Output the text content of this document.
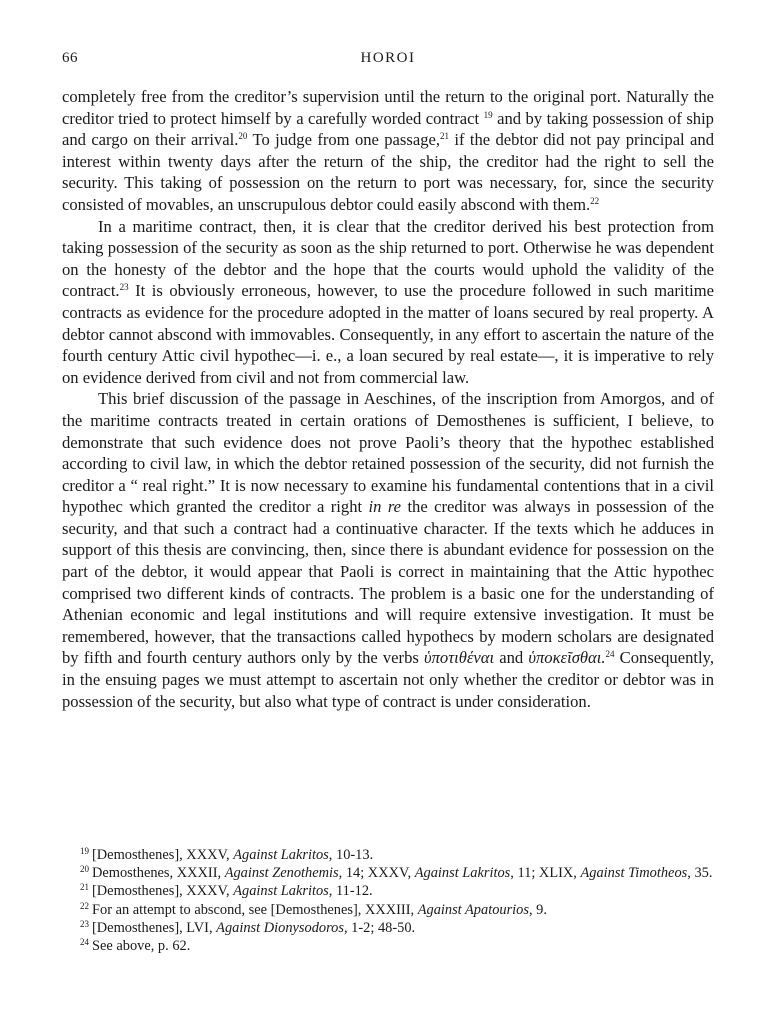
66	HOROI

completely free from the creditor’s supervision until the return to the original port. Naturally the creditor tried to protect himself by a carefully worded contract $^{19}$ and by taking possession of ship and cargo on their arrival.$^{20}$ To judge from one passage,$^{21}$ if the debtor did not pay principal and interest within twenty days after the return of the ship, the creditor had the right to sell the security. This taking of possession on the return to port was necessary, for, since the security consisted of movables, an unscrupulous debtor could easily abscond with them.$^{22}$

In a maritime contract, then, it is clear that the creditor derived his best protection from taking possession of the security as soon as the ship returned to port. Otherwise he was dependent on the honesty of the debtor and the hope that the courts would uphold the validity of the contract.$^{23}$ It is obviously erroneous, however, to use the procedure followed in such maritime contracts as evidence for the procedure adopted in the matter of loans secured by real property. A debtor cannot abscond with immovables. Consequently, in any effort to ascertain the nature of the fourth century Attic civil hypothec—i. e., a loan secured by real estate—, it is imperative to rely on evidence derived from civil and not from commercial law.

This brief discussion of the passage in Aeschines, of the inscription from Amorgos, and of the maritime contracts treated in certain orations of Demosthenes is sufficient, I believe, to demonstrate that such evidence does not prove Paoli’s theory that the hypothec established according to civil law, in which the debtor retained possession of the security, did not furnish the creditor a “ real right.” It is now necessary to examine his fundamental contentions that in a civil hypothec which granted the creditor a right in re the creditor was always in possession of the security, and that such a contract had a continuative character. If the texts which he adduces in support of this thesis are convincing, then, since there is abundant evidence for possession on the part of the debtor, it would appear that Paoli is correct in maintaining that the Attic hypothec comprised two different kinds of contracts. The problem is a basic one for the understanding of Athenian economic and legal institutions and will require extensive investigation. It must be remembered, however, that the transactions called hypothecs by modern scholars are designated by fifth and fourth century authors only by the verbs ὑποτιθέναι and ὑποκεῖσθαι.$^{24}$ Consequently, in the ensuing pages we must attempt to ascertain not only whether the creditor or debtor was in possession of the security, but also what type of contract is under consideration.

$^{19}$ [Demosthenes], XXXV, Against Lakritos, 10-13.

$^{20}$ Demosthenes, XXXII, Against Zenothemis, 14; XXXV, Against Lakritos, 11; XLIX, Against Timotheos, 35.

$^{21}$ [Demosthenes], XXXV, Against Lakritos, 11-12.

$^{22}$ For an attempt to abscond, see [Demosthenes], XXXIII, Against Apatourios, 9.

$^{23}$ [Demosthenes], LVI, Against Dionysodoros, 1-2; 48-50.

$^{24}$ See above, p. 62.
